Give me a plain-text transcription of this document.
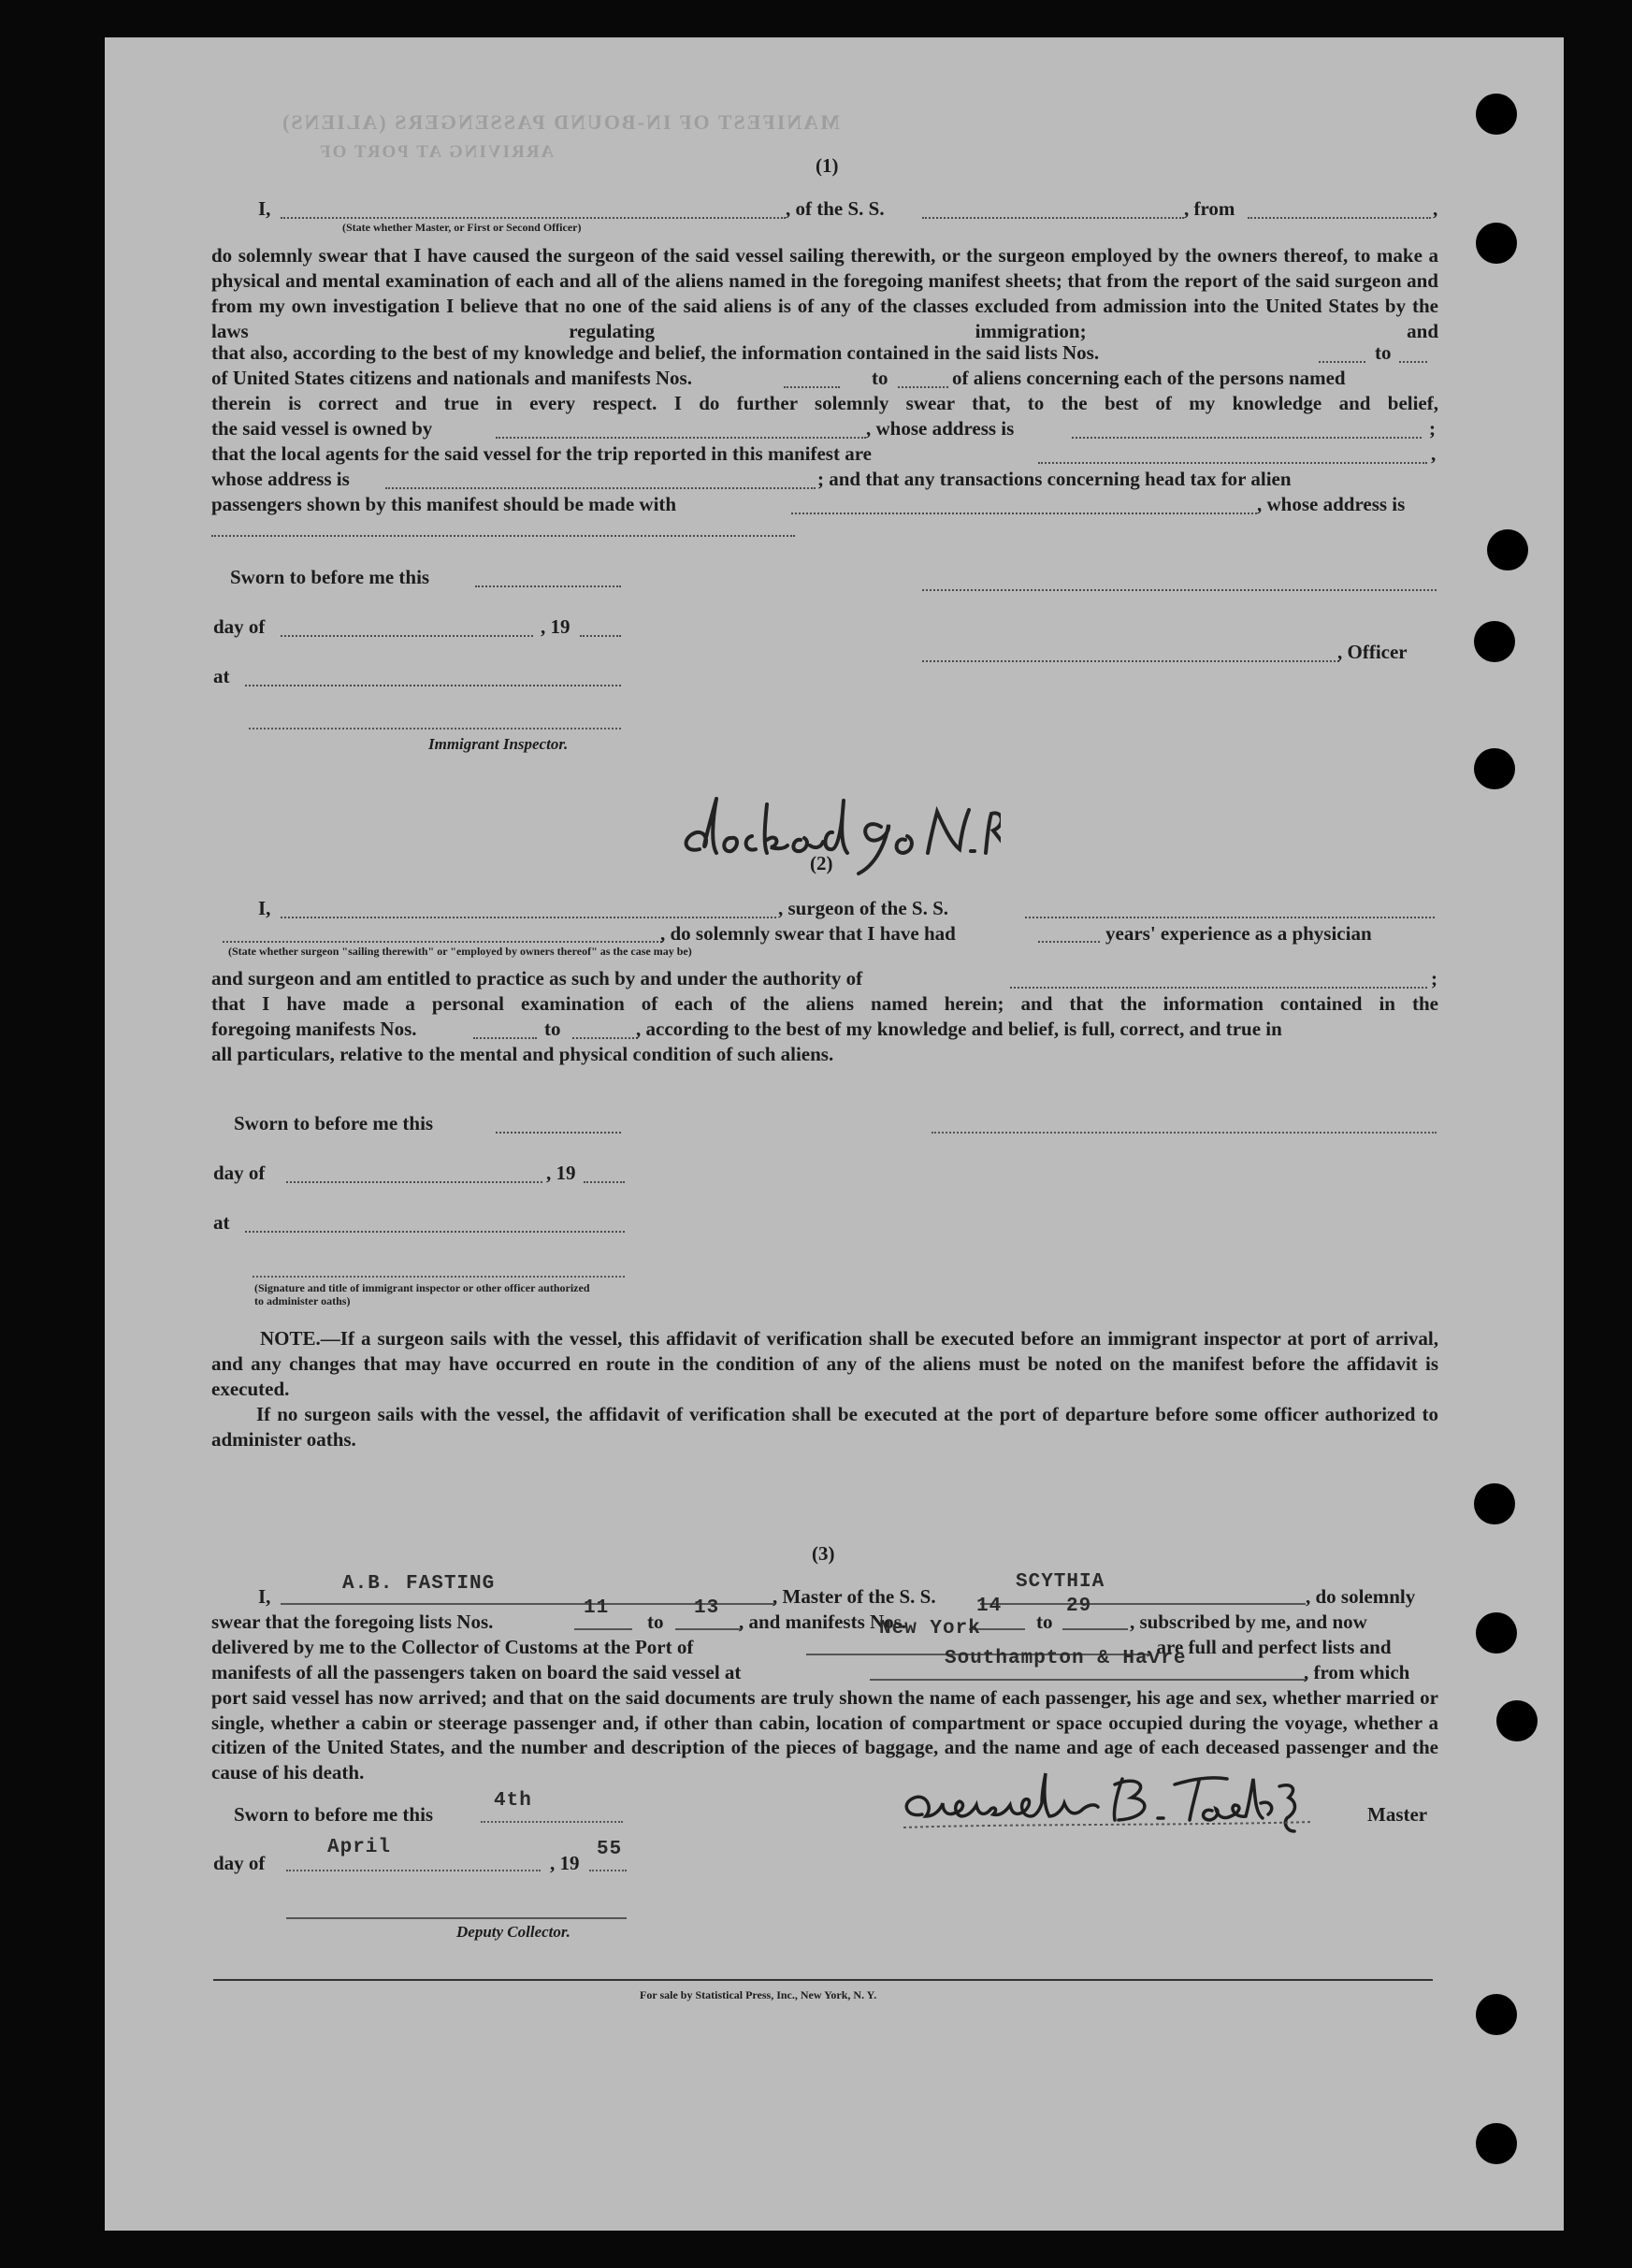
MANIFEST OF IN-BOUND PASSENGERS (ALIENS)
ARRIVING AT PORT OF
(1)
I,
(State whether Master, or First or Second Officer)
, of the S. S.	, from	,
do solemnly swear that I have caused the surgeon of the said vessel sailing therewith, or the surgeon employed by the owners thereof, to make a physical and mental examination of each and all of the aliens named in the foregoing manifest sheets; that from the report of the said surgeon and from my own investigation I believe that no one of the said aliens is of any of the classes excluded from admission into the United States by the laws regulating immigration; and
that also, according to the best of my knowledge and belief, the information contained in the said lists Nos.	to
of United States citizens and nationals and manifests Nos.	to	of aliens concerning each of the persons named
therein is correct and true in every respect. I do further solemnly swear that, to the best of my knowledge and belief,
the said vessel is owned by	, whose address is	;
that the local agents for the said vessel for the trip reported in this manifest are	,
whose address is	; and that any transactions concerning head tax for alien
passengers shown by this manifest should be made with	, whose address is
Sworn to before me this
day of	, 19
, Officer
at
Immigrant Inspector.
(2)
I,	, surgeon of the S. S.
, do solemnly swear that I have had	years' experience as a physician
(State whether surgeon "sailing therewith" or "employed by owners thereof" as the case may be)
and surgeon and am entitled to practice as such by and under the authority of	;
that I have made a personal examination of each of the aliens named herein; and that the information contained in the
foregoing manifests Nos.	to	, according to the best of my knowledge and belief, is full, correct, and true in
all particulars, relative to the mental and physical condition of such aliens.
Sworn to before me this
day of	, 19
at
(Signature and title of immigrant inspector or other officer authorized to administer oaths)
NOTE.—If a surgeon sails with the vessel, this affidavit of verification shall be executed before an immigrant inspector at port of arrival, and any changes that may have occurred en route in the condition of any of the aliens must be noted on the manifest before the affidavit is executed.
If no surgeon sails with the vessel, the affidavit of verification shall be executed at the port of departure before some officer authorized to administer oaths.
(3)
I,
A.B. FASTING
, Master of the S. S.
SCYTHIA
, do solemnly
swear that the foregoing lists Nos.
11
to
13
, and manifests Nos.
14
to
29
, subscribed by me, and now
delivered by me to the Collector of Customs at the Port of
New York
, are full and perfect lists and
manifests of all the passengers taken on board the said vessel at
Southampton & Havre
, from which
port said vessel has now arrived; and that on the said documents are truly shown the name of each passenger, his age and sex, whether married or single, whether a cabin or steerage passenger and, if other than cabin, location of compartment or space occupied during the voyage, whether a citizen of the United States, and the number and description of the pieces of baggage, and the name and age of each deceased passenger and the cause of his death.
Sworn to before me this
4th
day of
April
, 19
55
Master
Deputy Collector.
For sale by Statistical Press, Inc., New York, N. Y.
